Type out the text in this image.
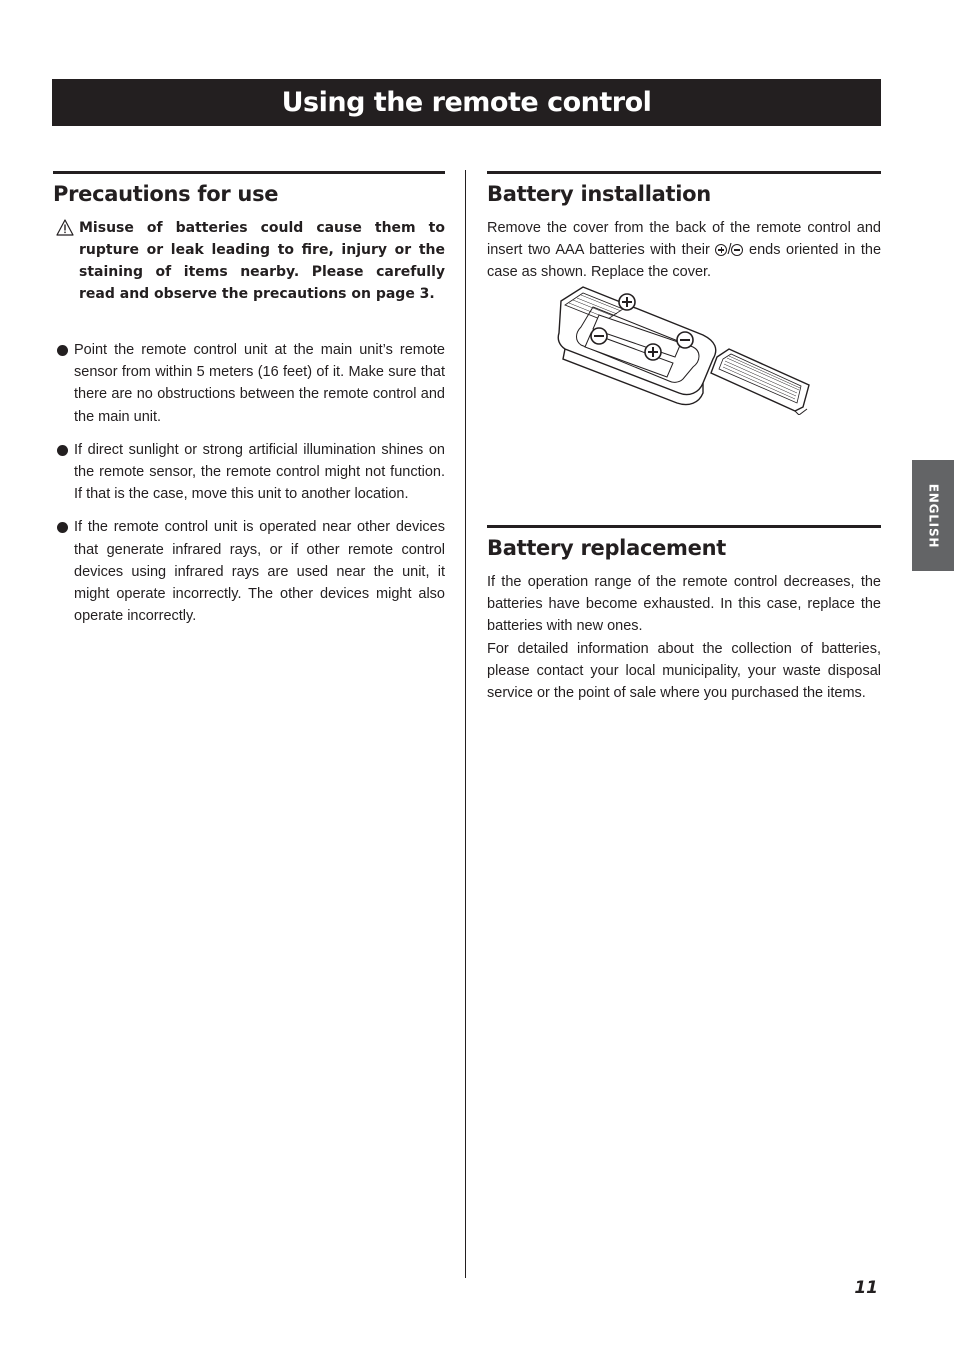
Using the remote control
Precautions for use
Misuse of batteries could cause them to rupture or leak leading to fire, injury or the staining of items nearby. Please carefully read and observe the precautions on page 3.
Point the remote control unit at the main unit’s remote sensor from within 5 meters (16 feet) of it. Make sure that there are no obstructions between the remote control and the main unit.
If direct sunlight or strong artificial illumination shines on the remote sensor, the remote control might not function. If that is the case, move this unit to another location.
If the remote control unit is operated near other devices that generate infrared rays, or if other remote control devices using infrared rays are used near the unit, it might operate incorrectly. The other devices might also operate incorrectly.
Battery installation
Remove the cover from the back of the remote control and insert two AAA batteries with their / ends oriented in the case as shown. Replace the cover.
Battery replacement

If the operation range of the remote control decreases, the batteries have become exhausted. In this case, replace the batteries with new ones.

For detailed information about the collection of batteries, please contact your local municipality, your waste disposal service or the point of sale where you purchased the items.

ENGLISH
11
